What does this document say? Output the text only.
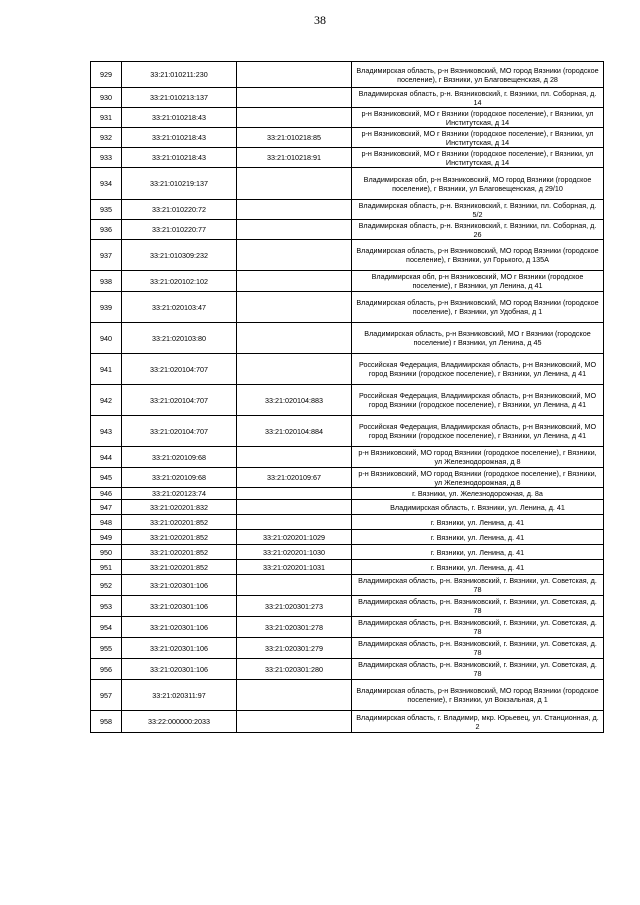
38
929	33:21:010211:230		Владимирская область, р-н Вязниковский, МО город Вязники (городское поселение), г Вязники, ул Благовещенская, д 28
930	33:21:010213:137		Владимирская область, р-н. Вязниковский, г. Вязники, пл. Соборная, д. 14
931	33:21:010218:43		р-н Вязниковский, МО г Вязники (городское поселение), г Вязники, ул Институтская, д 14
932	33:21:010218:43	33:21:010218:85	р-н Вязниковский, МО г Вязники (городское поселение), г Вязники, ул Институтская, д 14
933	33:21:010218:43	33:21:010218:91	р-н Вязниковский, МО г Вязники (городское поселение), г Вязники, ул Институтская, д 14
934	33:21:010219:137		Владимирская обл, р-н Вязниковский, МО город Вязники (городское поселение), г Вязники, ул Благовещенская, д 29/10
935	33:21:010220:72		Владимирская область, р-н. Вязниковский, г. Вязники, пл. Соборная, д. 5/2
936	33:21:010220:77		Владимирская область, р-н. Вязниковский, г. Вязники, пл. Соборная, д. 26
937	33:21:010309:232		Владимирская область, р-н Вязниковский, МО город Вязники (городское поселение), г Вязники, ул Горького, д 135А
938	33:21:020102:102		Владимирская обл, р-н Вязниковский, МО г Вязники (городское поселение), г Вязники, ул Ленина, д 41
939	33:21:020103:47		Владимирская область, р-н Вязниковский, МО город Вязники (городское поселение), г Вязники, ул Удобная, д 1
940	33:21:020103:80		Владимирская область, р-н Вязниковский, МО г Вязники (городское поселение) г Вязники, ул Ленина, д 45
941	33:21:020104:707		Российская Федерация, Владимирская область, р-н Вязниковский, МО город Вязники (городское поселение), г Вязники, ул Ленина, д 41
942	33:21:020104:707	33:21:020104:883	Российская Федерация, Владимирская область, р-н Вязниковский, МО город Вязники (городское поселение), г Вязники, ул Ленина, д 41
943	33:21:020104:707	33:21:020104:884	Российская Федерация, Владимирская область, р-н Вязниковский, МО город Вязники (городское поселение), г Вязники, ул Ленина, д 41
944	33:21:020109:68		р-н Вязниковский, МО город Вязники (городское поселение), г Вязники, ул Железнодорожная, д 8
945	33:21:020109:68	33:21:020109:67	р-н Вязниковский, МО город Вязники (городское поселение), г Вязники, ул Железнодорожная, д 8
946	33:21:020123:74		г. Вязники, ул. Железнодорожная, д. 8а
947	33:21:020201:832		Владимирская область, г. Вязники, ул. Ленина, д. 41
948	33:21:020201:852		г. Вязники, ул. Ленина, д. 41
949	33:21:020201:852	33:21:020201:1029	г. Вязники, ул. Ленина, д. 41
950	33:21:020201:852	33:21:020201:1030	г. Вязники, ул. Ленина, д. 41
951	33:21:020201:852	33:21:020201:1031	г. Вязники, ул. Ленина, д. 41
952	33:21:020301:106		Владимирская область, р-н. Вязниковский, г. Вязники, ул. Советская, д. 78
953	33:21:020301:106	33:21:020301:273	Владимирская область, р-н. Вязниковский, г. Вязники, ул. Советская, д. 78
954	33:21:020301:106	33:21:020301:278	Владимирская область, р-н. Вязниковский, г. Вязники, ул. Советская, д. 78
955	33:21:020301:106	33:21:020301:279	Владимирская область, р-н. Вязниковский, г. Вязники, ул. Советская, д. 78
956	33:21:020301:106	33:21:020301:280	Владимирская область, р-н. Вязниковский, г. Вязники, ул. Советская, д. 78
957	33:21:020311:97		Владимирская область, р-н Вязниковский, МО город Вязники (городское поселение), г Вязники, ул Вокзальная, д 1
958	33:22:000000:2033		Владимирская область, г. Владимир, мкр. Юрьевец, ул. Станционная, д. 2
